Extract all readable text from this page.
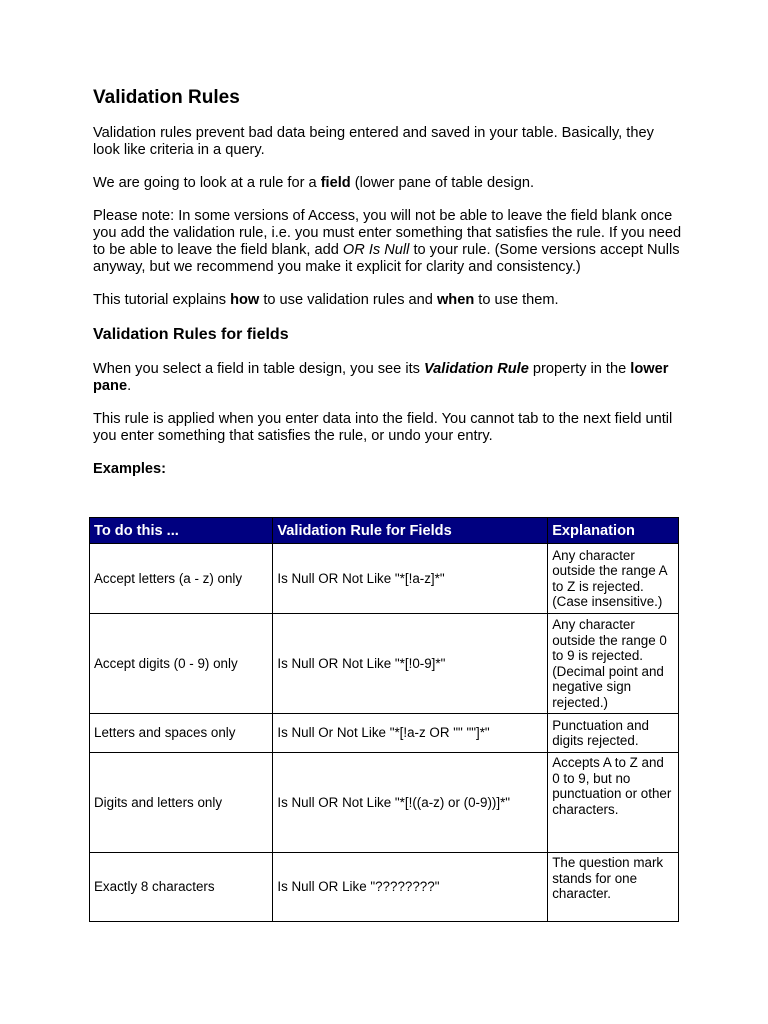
Validation Rules

Validation rules prevent bad data being entered and saved in your table. Basically, they look like criteria in a query.

We are going to look at a rule for a field (lower pane of table design.

Please note: In some versions of Access, you will not be able to leave the field blank once you add the validation rule, i.e. you must enter something that satisfies the rule. If you need to be able to leave the field blank, add OR Is Null to your rule. (Some versions accept Nulls anyway, but we recommend you make it explicit for clarity and consistency.)

This tutorial explains how to use validation rules and when to use them.

Validation Rules for fields

When you select a field in table design, you see its Validation Rule property in the lower pane.

This rule is applied when you enter data into the field. You cannot tab to the next field until you enter something that satisfies the rule, or undo your entry.

Examples:

To do this ...	Validation Rule for Fields	Explanation
Accept letters (a - z) only	Is Null OR Not Like "*[!a-z]*"	Any character outside the range A to Z is rejected. (Case insensitive.)
Accept digits (0 - 9) only	Is Null OR Not Like "*[!0-9]*"	Any character outside the range 0 to 9 is rejected. (Decimal point and negative sign rejected.)
Letters and spaces only	Is Null Or Not Like "*[!a-z OR "" ""]*"	Punctuation and digits rejected.
Digits and letters only	Is Null OR Not Like "*[!((a-z) or (0-9))]*"	Accepts A to Z and 0 to 9, but no punctuation or other characters.
Exactly 8 characters	Is Null OR Like "????????"	The question mark stands for one character.
